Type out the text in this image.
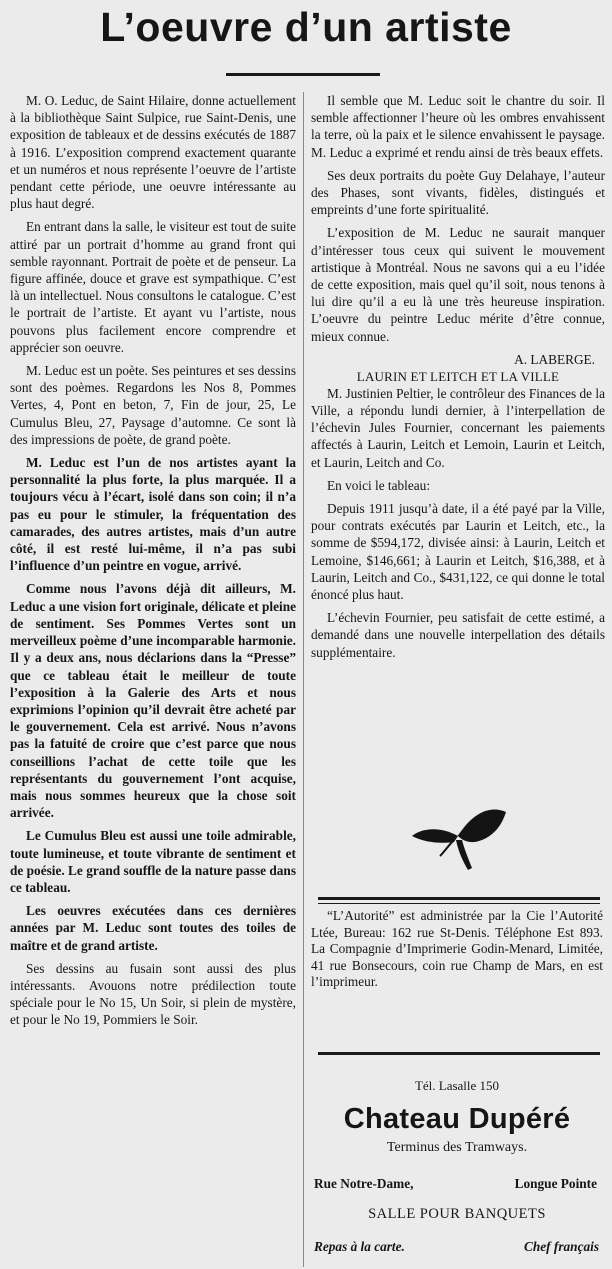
L’oeuvre d’un artiste

M. O. Leduc, de Saint Hilaire, donne actuellement à la bibliothèque Saint Sulpice, rue Saint-Denis, une exposition de tableaux et de dessins exécutés de 1887 à 1916. L’exposition comprend exactement quarante et un numéros et nous représente l’oeuvre de l’artiste pendant cette période, une oeuvre intéressante au plus haut degré.

En entrant dans la salle, le visiteur est tout de suite attiré par un portrait d’homme au grand front qui semble rayonnant. Portrait de poète et de penseur. La figure affinée, douce et grave est sympathique. C’est là un intellectuel. Nous consultons le catalogue. C’est le portrait de l’artiste. Et ayant vu l’artiste, nous pouvons plus facilement encore comprendre et apprécier son oeuvre.

M. Leduc est un poète. Ses peintures et ses dessins sont des poèmes. Regardons les Nos 8, Pommes Vertes, 4, Pont en beton, 7, Fin de jour, 25, Le Cumulus Bleu, 27, Paysage d’automne. Ce sont là des impressions de poète, de grand poète.

M. Leduc est l’un de nos artistes ayant la personnalité la plus forte, la plus marquée. Il a toujours vécu à l’écart, isolé dans son coin; il n’a pas eu pour le stimuler, la fréquentation des camarades, des autres artistes, mais d’un autre côté, il est resté lui-même, il n’a pas subi l’influence d’un peintre en vogue, arrivé.

Comme nous l’avons déjà dit ailleurs, M. Leduc a une vision fort originale, délicate et pleine de sentiment. Ses Pommes Vertes sont un merveilleux poème d’une incomparable harmonie. Il y a deux ans, nous déclarions dans la “Presse” que ce tableau était le meilleur de toute l’exposition à la Galerie des Arts et nous exprimions l’opinion qu’il devrait être acheté par le gouvernement. Cela est arrivé. Nous n’avons pas la fatuité de croire que c’est parce que nous conseillions l’achat de cette toile que les représentants du gouvernement l’ont acquise, mais nous sommes heureux que la chose soit arrivée.

Le Cumulus Bleu est aussi une toile admirable, toute lumineuse, et toute vibrante de sentiment et de poésie. Le grand souffle de la nature passe dans ce tableau.

Les oeuvres exécutées dans ces dernières années par M. Leduc sont toutes des toiles de maître et de grand artiste.

Ses dessins au fusain sont aussi des plus intéressants. Avouons notre prédilection toute spéciale pour le No 15, Un Soir, si plein de mystère, et pour le No 19, Pommiers le Soir.

Il semble que M. Leduc soit le chantre du soir. Il semble affectionner l’heure où les ombres envahissent la terre, où la paix et le silence envahissent le paysage. M. Leduc a exprimé et rendu ainsi de très beaux effets.

Ses deux portraits du poète Guy Delahaye, l’auteur des Phases, sont vivants, fidèles, distingués et empreints d’une forte spiritualité.

L’exposition de M. Leduc ne saurait manquer d’intéresser tous ceux qui suivent le mouvement artistique à Montréal. Nous ne savons qui a eu l’idée de cette exposition, mais quel qu’il soit, nous tenons à lui dire qu’il a eu là une très heureuse inspiration. L’oeuvre du peintre Leduc mérite d’être connue, mieux connue.

A. LABERGE.
LAURIN ET LEITCH ET LA VILLE

M. Justinien Peltier, le contrôleur des Finances de la Ville, a répondu lundi dernier, à l’interpellation de l’échevin Jules Fournier, concernant les paiements affectés à Laurin, Leitch et Lemoin, Laurin et Leitch, et Laurin, Leitch and Co.

En voici le tableau:

Depuis 1911 jusqu’à date, il a été payé par la Ville, pour contrats exécutés par Laurin et Leitch, etc., la somme de $594,172, divisée ainsi: à Laurin, Leitch et Lemoine, $146,661; à Laurin et Leitch, $16,388, et à Laurin, Leitch and Co., $431,122, ce qui donne le total énoncé plus haut.

L’échevin Fournier, peu satisfait de cette estimé, a demandé dans une nouvelle interpellation des détails supplémentaire.

“L’Autorité” est administrée par la Cie l’Autorité Ltée, Bureau: 162 rue St-Denis. Téléphone Est 893. La Compagnie d’Imprimerie Godin-Menard, Limitée, 41 rue Bonsecours, coin rue Champ de Mars, en est l’imprimeur.

Tél. Lasalle 150
Chateau Dupéré
Terminus des Tramways.
Rue Notre-Dame,	Longue Pointe
SALLE POUR BANQUETS
Repas à la carte.	Chef français
